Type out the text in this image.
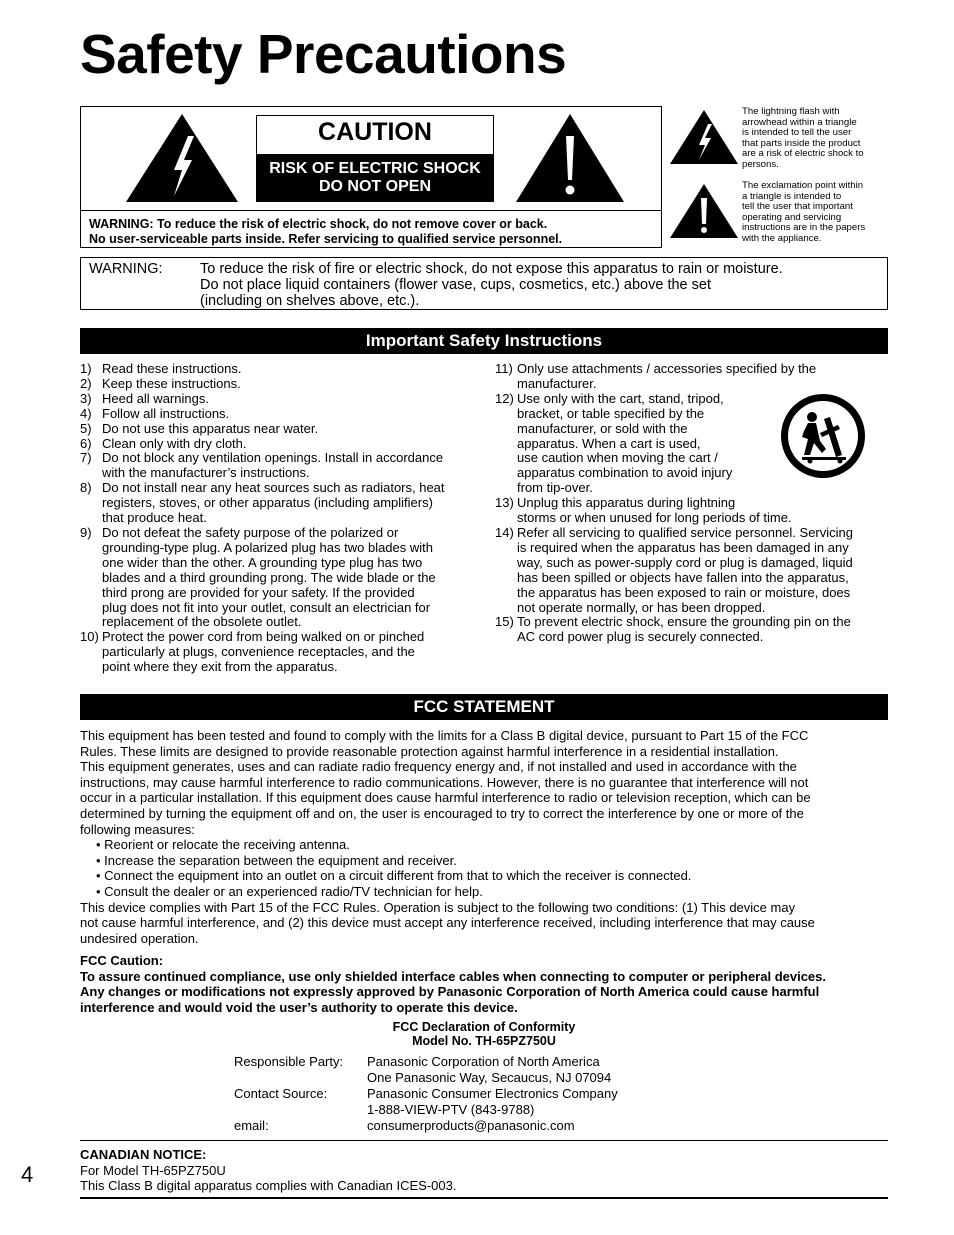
Safety Precautions
CAUTION
RISK OF ELECTRIC SHOCK
DO NOT OPEN
WARNING: To reduce the risk of electric shock, do not remove cover or back.
No user-serviceable parts inside. Refer servicing to qualified service personnel.
The lightning flash with
arrowhead within a triangle
is intended to tell the user
that parts inside the product
are a risk of electric shock to
persons.
The exclamation point within
a triangle is intended to
tell the user that important
operating and servicing
instructions are in the papers
with the appliance.
WARNING:	To reduce the risk of fire or electric shock, do not expose this apparatus to rain or moisture.
Do not place liquid containers (flower vase, cups, cosmetics, etc.) above the set
(including on shelves above, etc.).
Important Safety Instructions
1) Read these instructions.
2) Keep these instructions.
3) Heed all warnings.
4) Follow all instructions.
5) Do not use this apparatus near water.
6) Clean only with dry cloth.
7) Do not block any ventilation openings. Install in accordance
with the manufacturer’s instructions.
8) Do not install near any heat sources such as radiators, heat
registers, stoves, or other apparatus (including amplifiers)
that produce heat.
9) Do not defeat the safety purpose of the polarized or
grounding-type plug. A polarized plug has two blades with
one wider than the other. A grounding type plug has two
blades and a third grounding prong. The wide blade or the
third prong are provided for your safety. If the provided
plug does not fit into your outlet, consult an electrician for
replacement of the obsolete outlet.
10) Protect the power cord from being walked on or pinched
particularly at plugs, convenience receptacles, and the
point where they exit from the apparatus.
11) Only use attachments / accessories specified by the
manufacturer.
12) Use only with the cart, stand, tripod,
bracket, or table specified by the
manufacturer, or sold with the
apparatus. When a cart is used,
use caution when moving the cart /
apparatus combination to avoid injury
from tip-over.
13) Unplug this apparatus during lightning
storms or when unused for long periods of time.
14) Refer all servicing to qualified service personnel. Servicing
is required when the apparatus has been damaged in any
way, such as power-supply cord or plug is damaged, liquid
has been spilled or objects have fallen into the apparatus,
the apparatus has been exposed to rain or moisture, does
not operate normally, or has been dropped.
15) To prevent electric shock, ensure the grounding pin on the
AC cord power plug is securely connected.
FCC STATEMENT

This equipment has been tested and found to comply with the limits for a Class B digital device, pursuant to Part 15 of the FCC

Rules. These limits are designed to provide reasonable protection against harmful interference in a residential installation.

This equipment generates, uses and can radiate radio frequency energy and, if not installed and used in accordance with the

instructions, may cause harmful interference to radio communications. However, there is no guarantee that interference will not

occur in a particular installation. If this equipment does cause harmful interference to radio or television reception, which can be

determined by turning the equipment off and on, the user is encouraged to try to correct the interference by one or more of the

following measures:

• Reorient or relocate the receiving antenna.

• Increase the separation between the equipment and receiver.

• Connect the equipment into an outlet on a circuit different from that to which the receiver is connected.

• Consult the dealer or an experienced radio/TV technician for help.

This device complies with Part 15 of the FCC Rules. Operation is subject to the following two conditions: (1) This device may

not cause harmful interference, and (2) this device must accept any interference received, including interference that may cause

undesired operation.

FCC Caution:
To assure continued compliance, use only shielded interface cables when connecting to computer or peripheral devices.
Any changes or modifications not expressly approved by Panasonic Corporation of North America could cause harmful
interference and would void the user’s authority to operate this device.
FCC Declaration of Conformity
Model No. TH-65PZ750U
Responsible Party: Panasonic Corporation of North America
One Panasonic Way, Secaucus, NJ 07094
Contact Source:	Panasonic Consumer Electronics Company
1-888-VIEW-PTV (843-9788)
email:	consumerproducts@panasonic.com
CANADIAN NOTICE:
For Model TH-65PZ750U
This Class B digital apparatus complies with Canadian ICES-003.
4
